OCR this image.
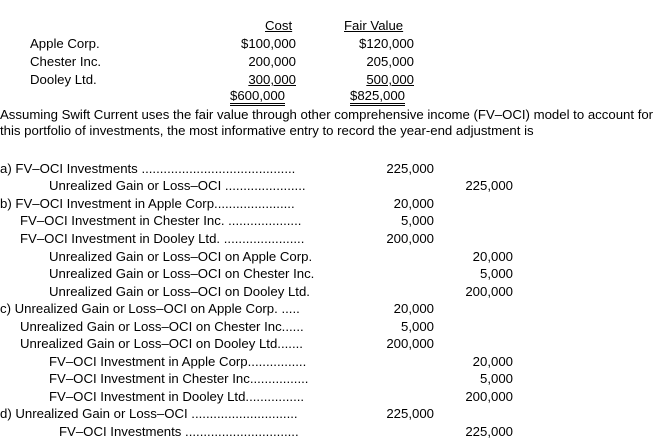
Cost	Fair Value
Apple Corp.	$100,000	$120,000
Chester Inc.	200,000	205,000
Dooley Ltd.	300,000	500,000
$600,000	$825,000
Assuming Swift Current uses the fair value through other comprehensive income (FV–OCI) model to account for this portfolio of investments, the most informative entry to record the year-end adjustment is
a) FV–OCI Investments ..........................................	225,000
Unrealized Gain or Loss–OCI ......................	225,000
b) FV–OCI Investment in Apple Corp......................	20,000
FV–OCI Investment in Chester Inc. ....................	5,000
FV–OCI Investment in Dooley Ltd. ......................	200,000
Unrealized Gain or Loss–OCI on Apple Corp.	20,000
Unrealized Gain or Loss–OCI on Chester Inc.	5,000
Unrealized Gain or Loss–OCI on Dooley Ltd.	200,000
c) Unrealized Gain or Loss–OCI on Apple Corp. .....	20,000
Unrealized Gain or Loss–OCI on Chester Inc......	5,000
Unrealized Gain or Loss–OCI on Dooley Ltd.......	200,000
FV–OCI Investment in Apple Corp................	20,000
FV–OCI Investment in Chester Inc................	5,000
FV–OCI Investment in Dooley Ltd................	200,000
d) Unrealized Gain or Loss–OCI .............................	225,000
FV–OCI Investments ...............................	225,000
